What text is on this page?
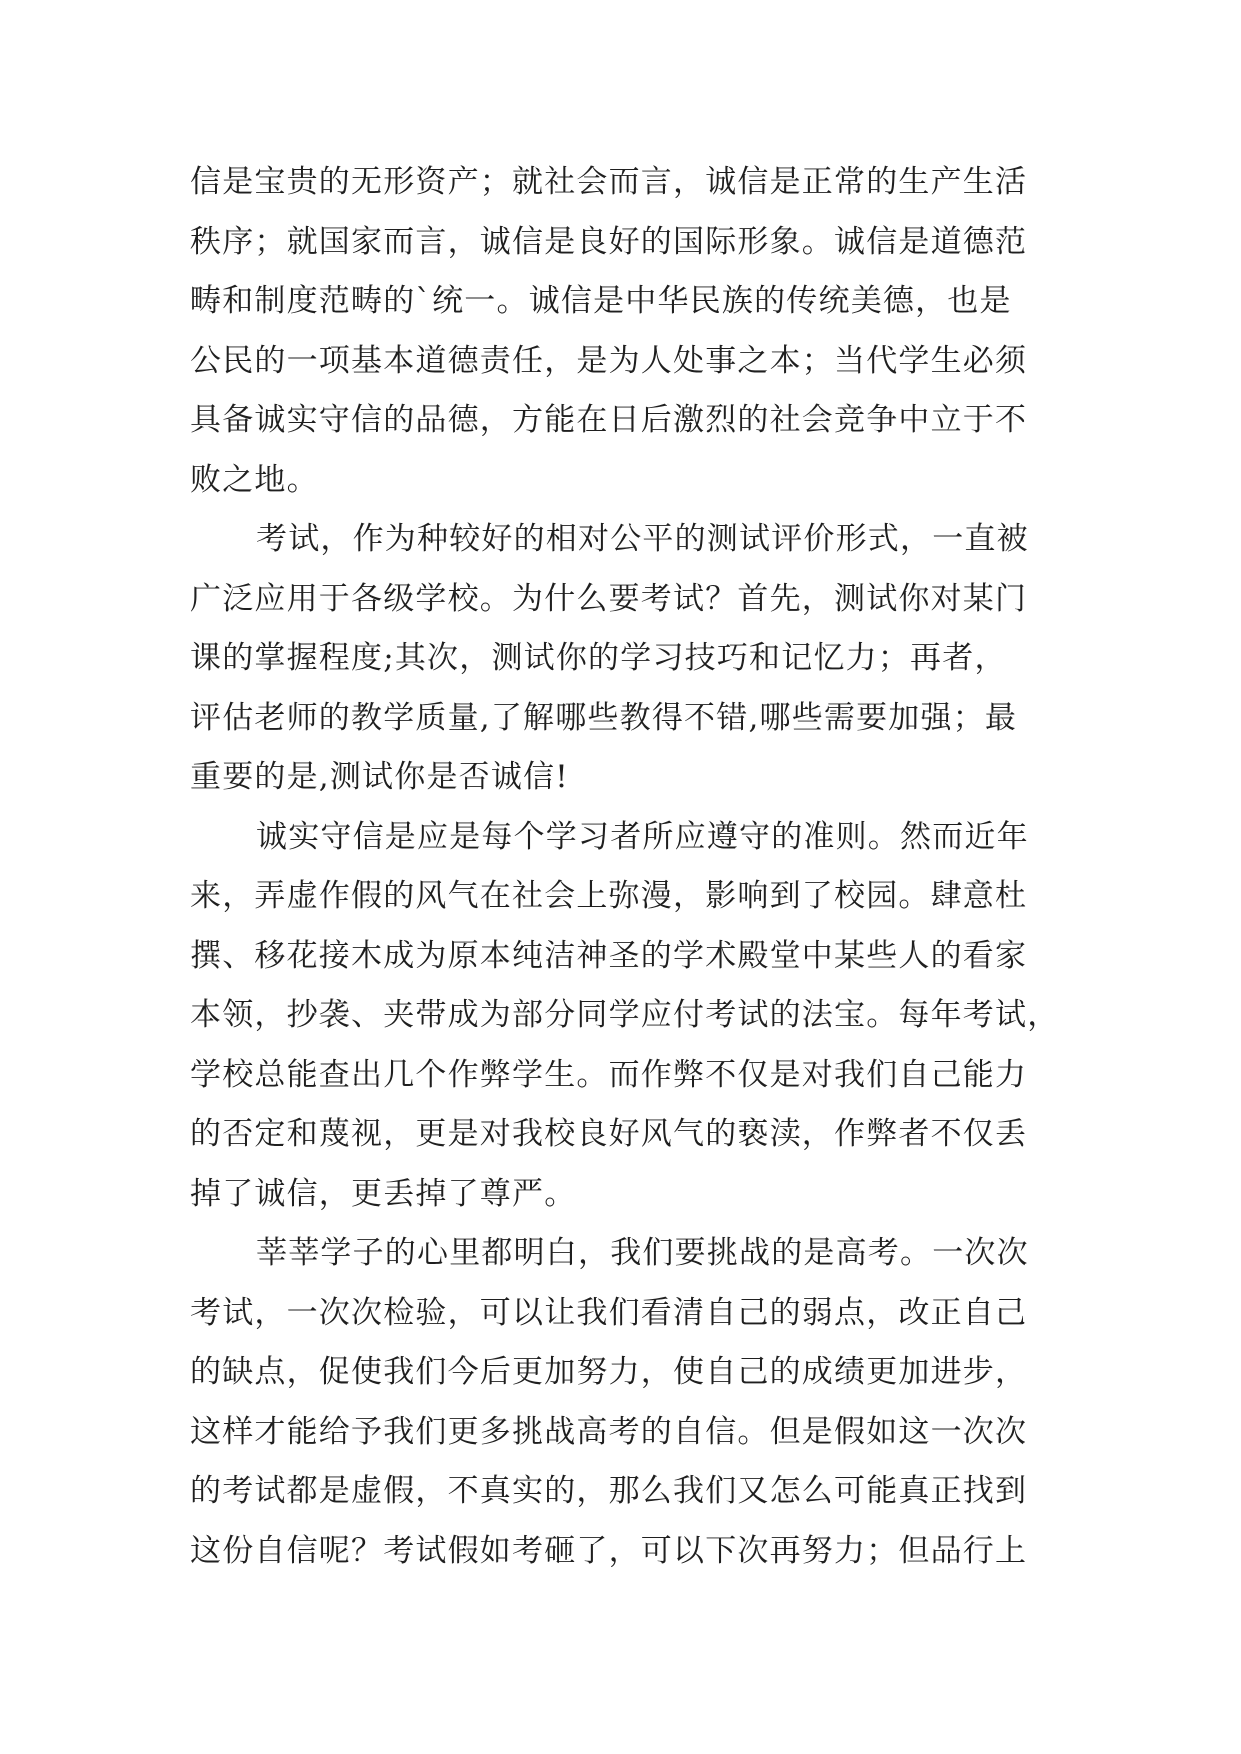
信是宝贵的无形资产；就社会而言，诚信是正常的生产生活
秩序；就国家而言，诚信是良好的国际形象。诚信是道德范
畴和制度范畴的`统一。诚信是中华民族的传统美德，也是
公民的一项基本道德责任，是为人处事之本；当代学生必须
具备诚实守信的品德，方能在日后激烈的社会竞争中立于不
败之地。
考试，作为种较好的相对公平的测试评价形式，一直被
广泛应用于各级学校。为什么要考试？首先，测试你对某门
课的掌握程度;其次，测试你的学习技巧和记忆力；再者，
评估老师的教学质量,了解哪些教得不错,哪些需要加强；最
重要的是,测试你是否诚信!
诚实守信是应是每个学习者所应遵守的准则。然而近年
来，弄虚作假的风气在社会上弥漫，影响到了校园。肆意杜
撰、移花接木成为原本纯洁神圣的学术殿堂中某些人的看家
本领，抄袭、夹带成为部分同学应付考试的法宝。每年考试，
学校总能查出几个作弊学生。而作弊不仅是对我们自己能力
的否定和蔑视，更是对我校良好风气的亵渎，作弊者不仅丢
掉了诚信，更丢掉了尊严。
莘莘学子的心里都明白，我们要挑战的是高考。一次次
考试，一次次检验，可以让我们看清自己的弱点，改正自己
的缺点，促使我们今后更加努力，使自己的成绩更加进步，
这样才能给予我们更多挑战高考的自信。但是假如这一次次
的考试都是虚假，不真实的，那么我们又怎么可能真正找到
这份自信呢？考试假如考砸了，可以下次再努力；但品行上
